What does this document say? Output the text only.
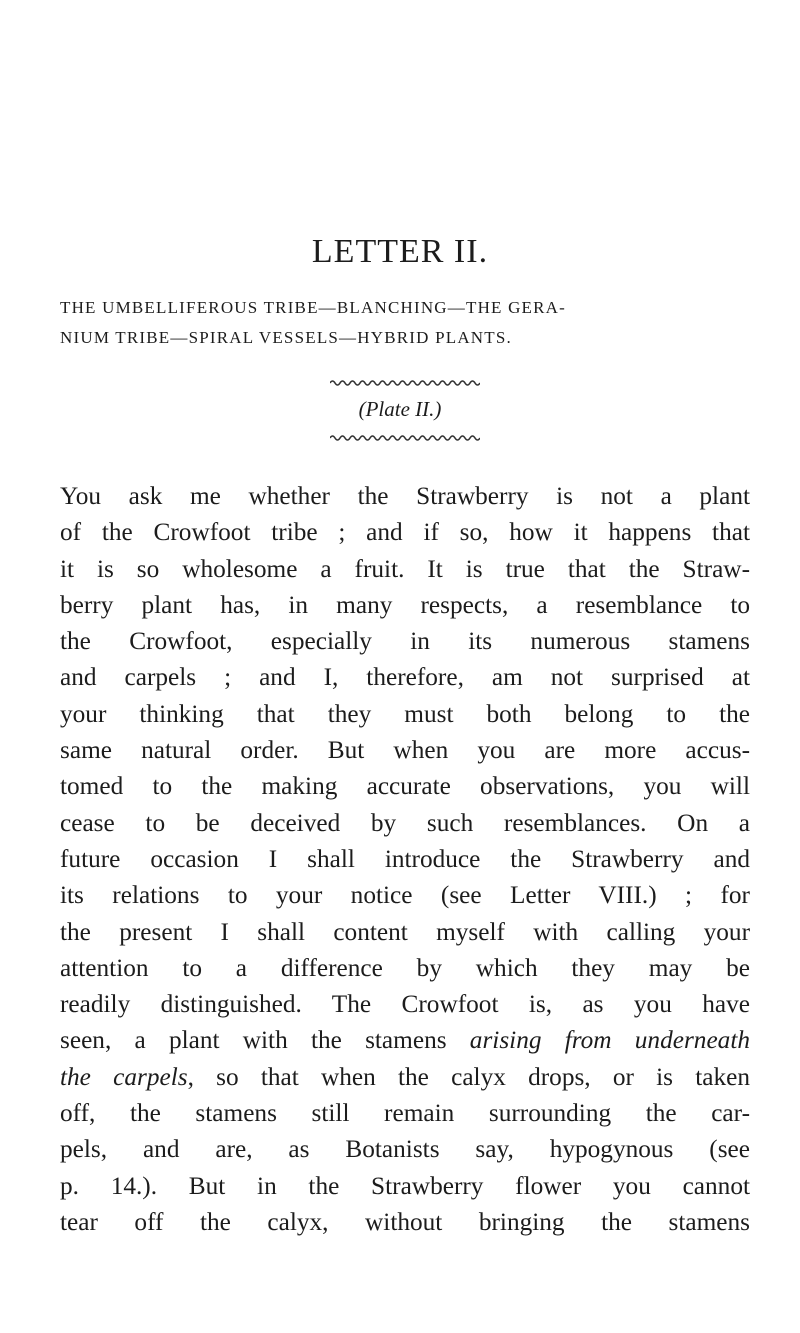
LETTER II.
THE UMBELLIFEROUS TRIBE—BLANCHING—THE GERA-
NIUM TRIBE—SPIRAL VESSELS—HYBRID PLANTS.
(Plate II.)
You ask me whether the Strawberry is not a plant
of the Crowfoot tribe ; and if so, how it happens that
it is so wholesome a fruit. It is true that the Straw-
berry plant has, in many respects, a resemblance to
the Crowfoot, especially in its numerous stamens
and carpels ; and I, therefore, am not surprised at
your thinking that they must both belong to the
same natural order. But when you are more accus-
tomed to the making accurate observations, you will
cease to be deceived by such resemblances. On a
future occasion I shall introduce the Strawberry and
its relations to your notice (see Letter VIII.) ; for
the present I shall content myself with calling your
attention to a difference by which they may be
readily distinguished. The Crowfoot is, as you have
seen, a plant with the stamens arising from underneath
the carpels, so that when the calyx drops, or is taken
off, the stamens still remain surrounding the car-
pels, and are, as Botanists say, hypogynous (see
p. 14.). But in the Strawberry flower you cannot
tear off the calyx, without bringing the stamens
